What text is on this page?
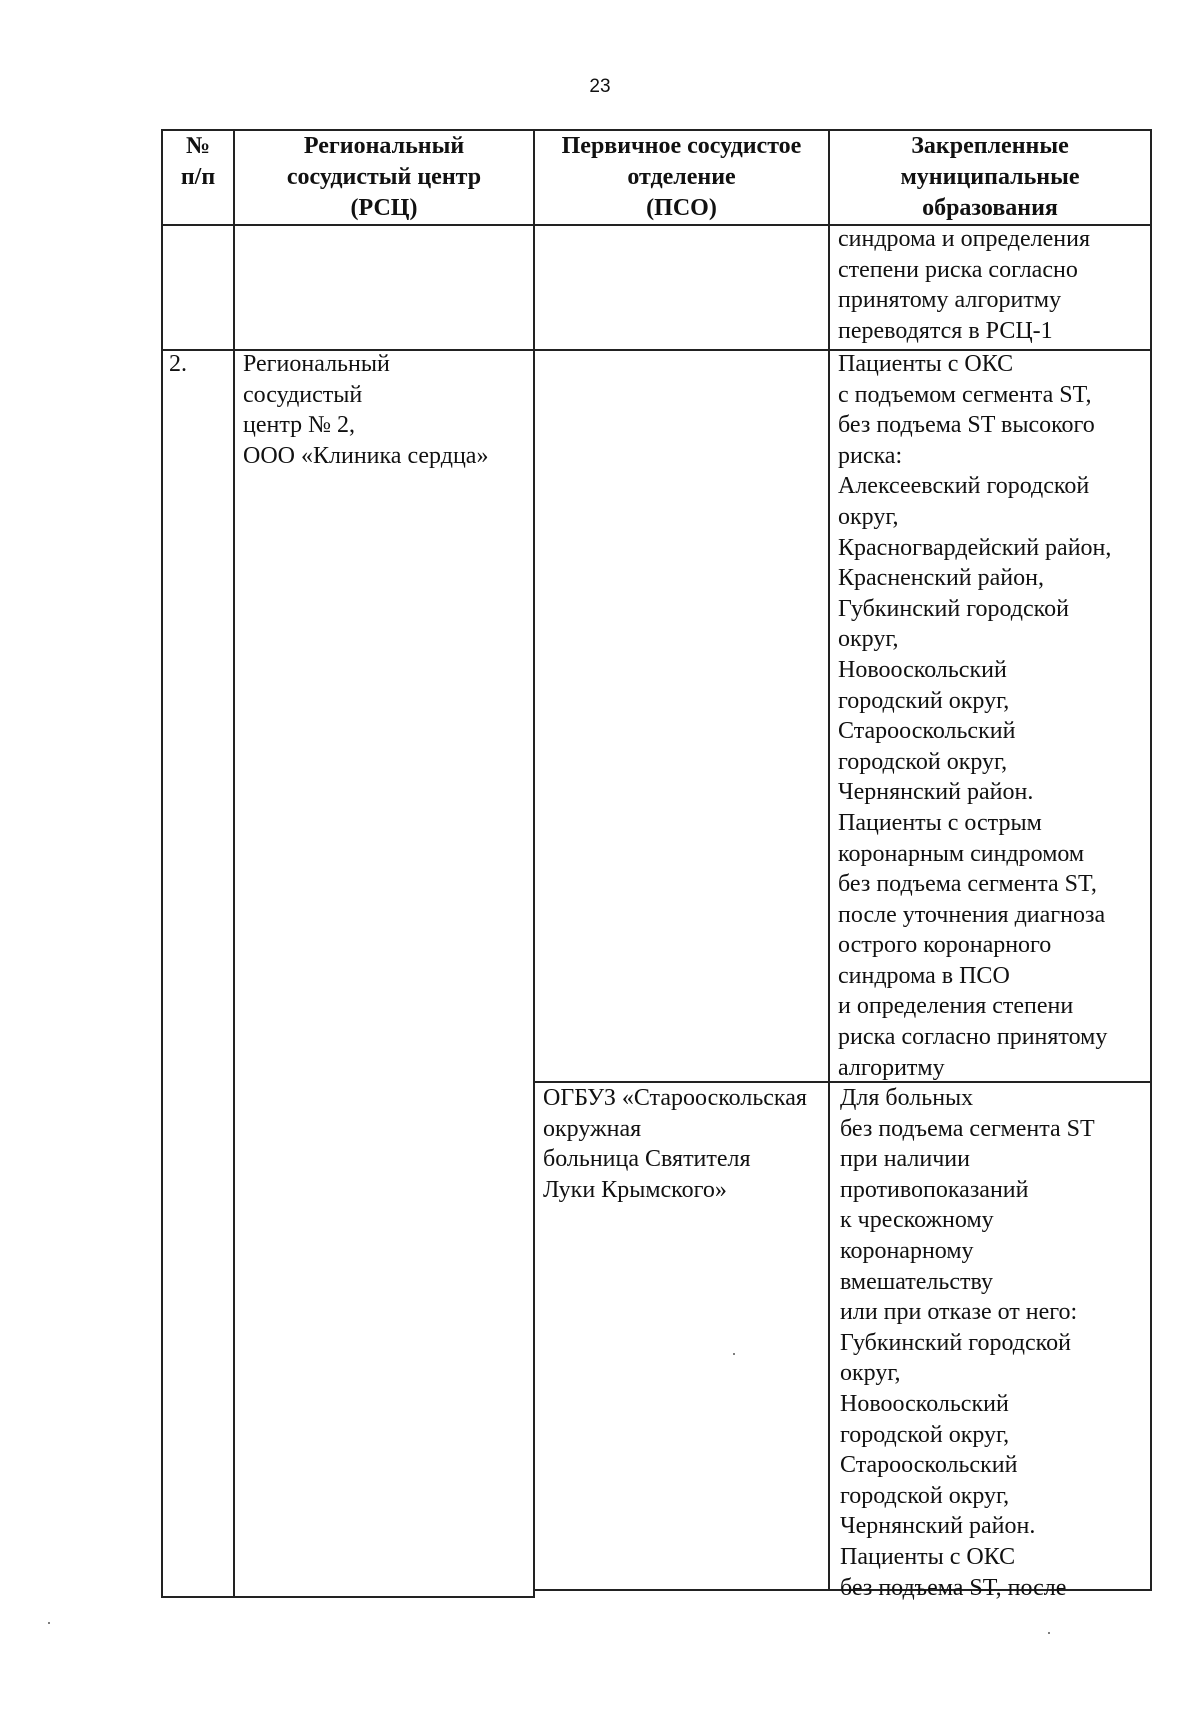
23
№
п/п
Региональный
сосудистый центр
(РСЦ)
Первичное сосудистое
отделение
(ПСО)
Закрепленные
муниципальные
образования
синдрома и определения
степени риска согласно
принятому алгоритму
переводятся в РСЦ-1
2.	Региональный
сосудистый
центр № 2,
ООО «Клиника сердца»
Пациенты с ОКС
с подъемом сегмента ST,
без подъема ST высокого
риска:
Алексеевский городской
округ,
Красногвардейский район,
Красненский район,
Губкинский городской
округ,
Новооскольский
городский округ,
Старооскольский
городской округ,
Чернянский район.
Пациенты с острым
коронарным синдромом
без подъема сегмента ST,
после уточнения диагноза
острого коронарного
синдрома в ПСО
и определения степени
риска согласно принятому
алгоритму
ОГБУЗ «Старооскольская окружная
больница Святителя
Луки Крымского»
Для больных
без подъема сегмента ST
при наличии
противопоказаний
к чрескожному
коронарному
вмешательству
или при отказе от него:
Губкинский городской
округ,
Новооскольский
городской округ,
Старооскольский
городской округ,
Чернянский район.
Пациенты с ОКС
без подъема ST, после
